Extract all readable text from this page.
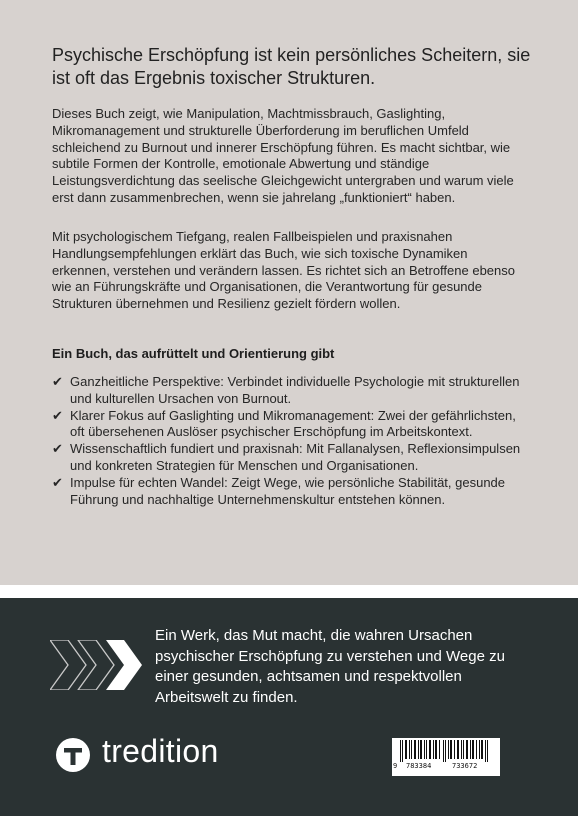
Psychische Erschöpfung ist kein persönliches Scheitern, sie ist oft das Ergebnis toxischer Strukturen.

Dieses Buch zeigt, wie Manipulation, Machtmissbrauch, Gaslighting, Mikromanagement und strukturelle Überforderung im beruflichen Umfeld schleichend zu Burnout und innerer Erschöpfung führen. Es macht sichtbar, wie subtile Formen der Kontrolle, emotionale Abwertung und ständige Leistungsverdichtung das seelische Gleichgewicht untergraben und warum viele erst dann zusammenbrechen, wenn sie jahrelang „funktioniert“ haben.

Mit psychologischem Tiefgang, realen Fallbeispielen und praxisnahen Handlungsempfehlungen erklärt das Buch, wie sich toxische Dynamiken erkennen, verstehen und verändern lassen. Es richtet sich an Betroffene ebenso wie an Führungskräfte und Organisationen, die Verantwortung für gesunde Strukturen übernehmen und Resilienz gezielt fördern wollen.

Ein Buch, das aufrüttelt und Orientierung gibt

✔ Ganzheitliche Perspektive: Verbindet individuelle Psychologie mit strukturellen und kulturellen Ursachen von Burnout.
✔ Klarer Fokus auf Gaslighting und Mikromanagement: Zwei der gefährlichsten, oft übersehenen Auslöser psychischer Erschöpfung im Arbeitskontext.
✔ Wissenschaftlich fundiert und praxisnah: Mit Fallanalysen, Reflexionsimpulsen und konkreten Strategien für Menschen und Organisationen.
✔ Impulse für echten Wandel: Zeigt Wege, wie persönliche Stabilität, gesunde Führung und nachhaltige Unternehmenskultur entstehen können.

Ein Werk, das Mut macht, die wahren Ursachen psychischer Erschöpfung zu verstehen und Wege zu einer gesunden, achtsamen und respektvollen Arbeitswelt zu finden.

tredition	9 783384	733672
